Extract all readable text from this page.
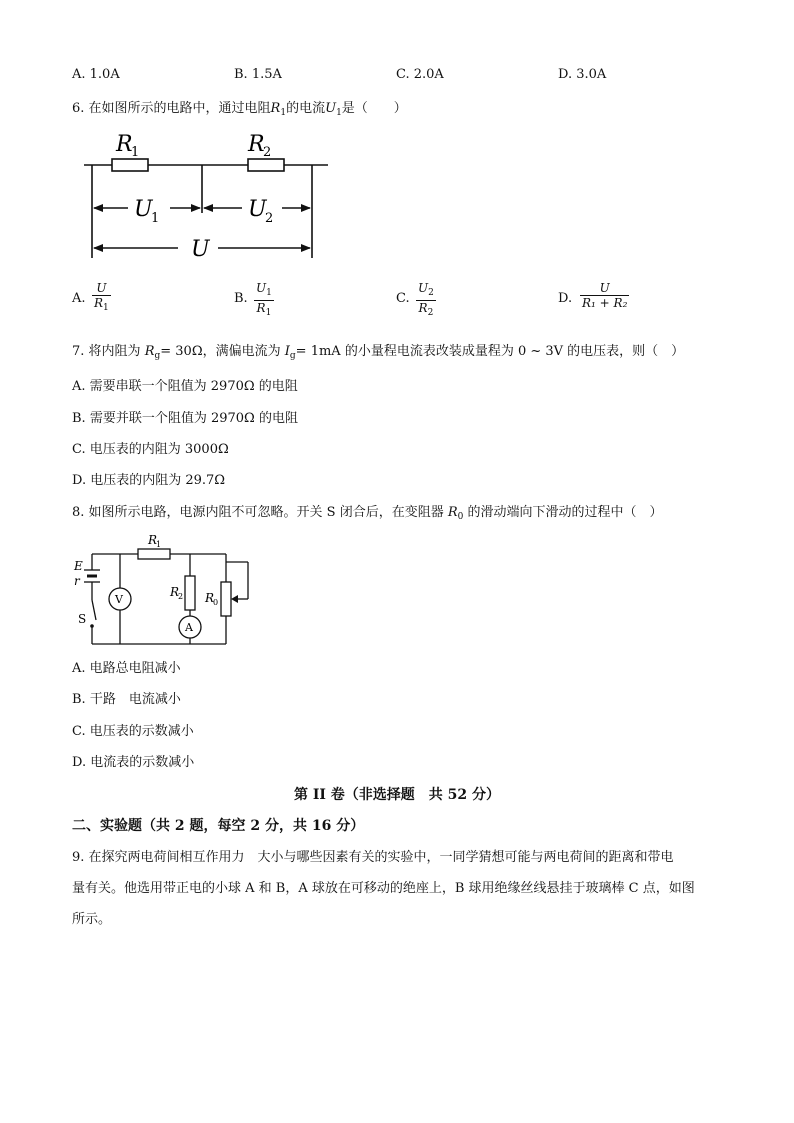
A. 1.0A	B. 1.5A	C. 2.0A	D. 3.0A
6. 在如图所示的电路中，通过电阻$R_1$的电流$U_1$是（　　）
R
1	R
2
U
1	U
2
U
A. $\frac{U}{R_1}$	B. $\frac{U_1}{R_1}$	C. $\frac{U_2}{R_2}$	D. $\frac{U}{\text{R₁ + R₂}}$
7. 将内阻为 $R_g= 30\Omega$，满偏电流为 $I_g= 1mA$ 的小量程电流表改装成量程为 0 ~ 3V 的电压表，则（　）
A. 需要串联一个阻值为 2970Ω 的电阻
B. 需要并联一个阻值为 2970Ω 的电阻
C. 电压表的内阻为 3000Ω
D. 电压表的内阻为 29.7Ω
8. 如图所示电路，电源内阻不可忽略。开关 S 闭合后，在变阻器 $R_0$ 的滑动端向下滑动的过程中（　）
E
r
S
R
1
R
2 R
0
V
A
A. 电路总电阻减小
B. 干路　电流减小
C. 电压表的示数减小
D. 电流表的示数减小
第 II 卷（非选择题　共 52 分）
二、实验题（共 2 题，每空 2 分，共 16 分）
9. 在探究两电荷间相互作用力　大小与哪些因素有关的实验中，一同学猜想可能与两电荷间的距离和带电
量有关。他选用带正电的小球 A 和 B，A 球放在可移动的绝座上，B 球用绝缘丝线悬挂于玻璃棒 C 点，如图
所示。
